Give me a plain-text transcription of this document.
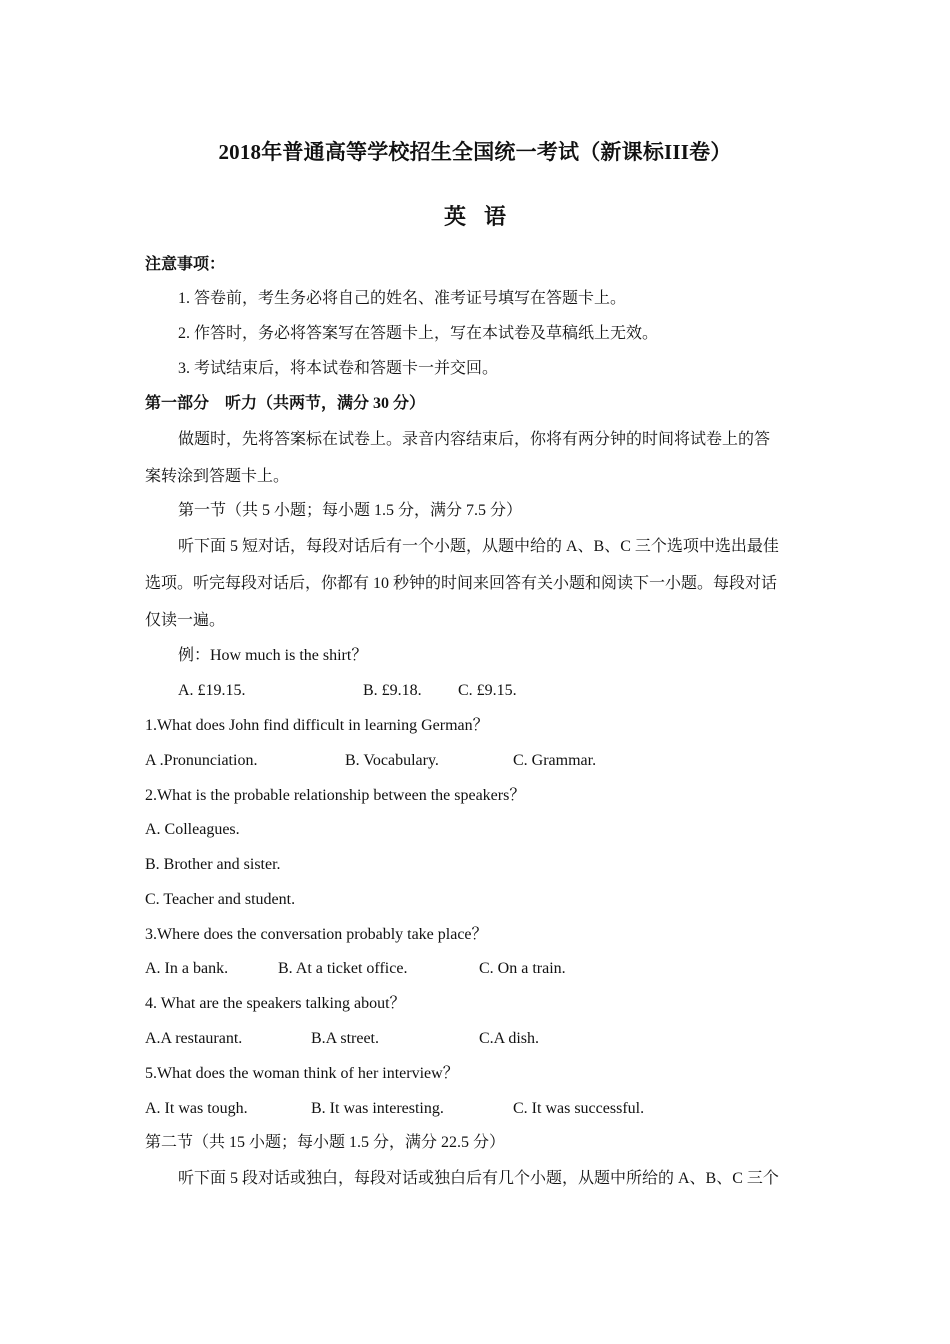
2018年普通高等学校招生全国统一考试（新课标III卷）
英语
注意事项：
1. 答卷前，考生务必将自己的姓名、准考证号填写在答题卡上。
2. 作答时，务必将答案写在答题卡上，写在本试卷及草稿纸上无效。
3. 考试结束后，将本试卷和答题卡一并交回。
第一部分　听力（共两节，满分 30 分）
做题时，先将答案标在试卷上。录音内容结束后，你将有两分钟的时间将试卷上的答
案转涂到答题卡上。
第一节（共 5 小题；每小题 1.5 分，满分 7.5 分）
听下面 5 短对话，每段对话后有一个小题，从题中给的 A、B、C 三个选项中选出最佳
选项。听完每段对话后，你都有 10 秒钟的时间来回答有关小题和阅读下一小题。每段对话
仅读一遍。
例：How much is the shirt？
A. £19.15.	B. £9.18. C. £9.15.
1.What does John find difficult in learning German？
A .Pronunciation.	B. Vocabulary.	C. Grammar.
2.What is the probable relationship between the speakers？
A. Colleagues.
B. Brother and sister.
C. Teacher and student.
3.Where does the conversation probably take place？
A. In a bank.	B. At a ticket office.	C. On a train.
4. What are the speakers talking about？
A.A restaurant.	B.A street.	C.A dish.
5.What does the woman think of her interview？
A. It was tough.	B. It was interesting.	C. It was successful.
第二节（共 15 小题；每小题 1.5 分，满分 22.5 分）
听下面 5 段对话或独白，每段对话或独白后有几个小题，从题中所给的 A、B、C 三个
